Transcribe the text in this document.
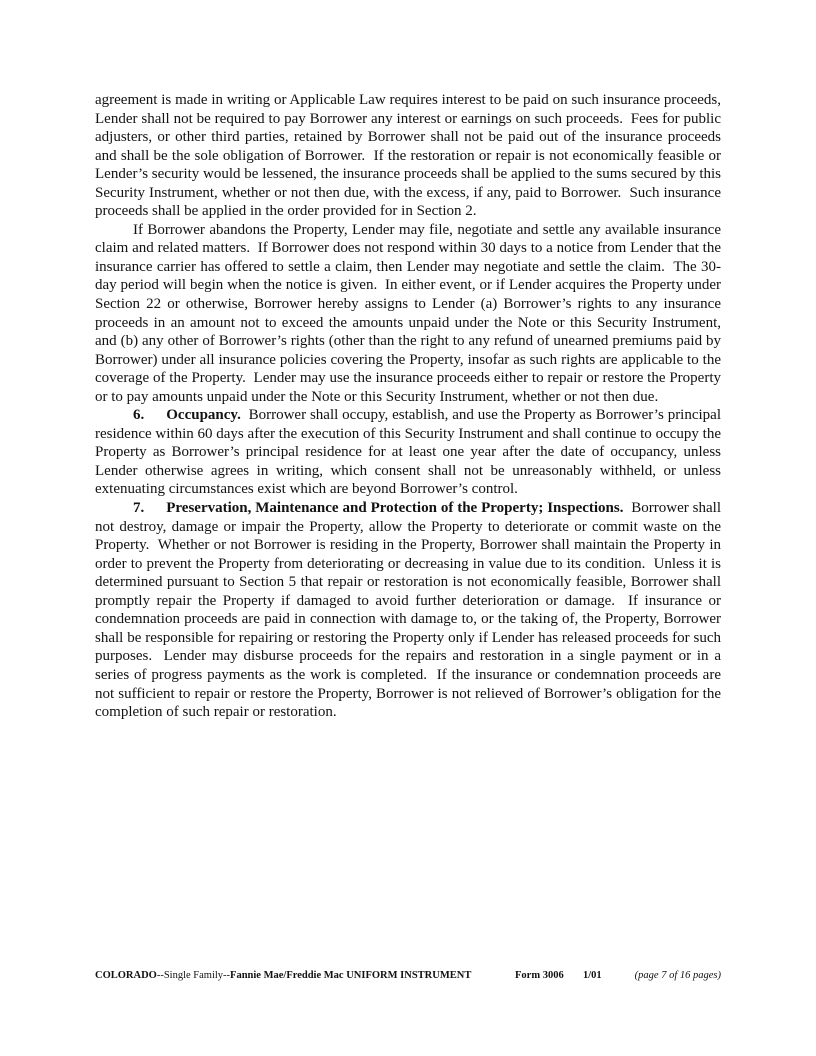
agreement is made in writing or Applicable Law requires interest to be paid on such insurance proceeds, Lender shall not be required to pay Borrower any interest or earnings on such proceeds.  Fees for public adjusters, or other third parties, retained by Borrower shall not be paid out of the insurance proceeds and shall be the sole obligation of Borrower.  If the restoration or repair is not economically feasible or Lender’s security would be lessened, the insurance proceeds shall be applied to the sums secured by this Security Instrument, whether or not then due, with the excess, if any, paid to Borrower.  Such insurance proceeds shall be applied in the order provided for in Section 2.

If Borrower abandons the Property, Lender may file, negotiate and settle any available insurance claim and related matters.  If Borrower does not respond within 30 days to a notice from Lender that the insurance carrier has offered to settle a claim, then Lender may negotiate and settle the claim.  The 30-day period will begin when the notice is given.  In either event, or if Lender acquires the Property under Section 22 or otherwise, Borrower hereby assigns to Lender (a) Borrower’s rights to any insurance proceeds in an amount not to exceed the amounts unpaid under the Note or this Security Instrument, and (b) any other of Borrower’s rights (other than the right to any refund of unearned premiums paid by Borrower) under all insurance policies covering the Property, insofar as such rights are applicable to the coverage of the Property.  Lender may use the insurance proceeds either to repair or restore the Property or to pay amounts unpaid under the Note or this Security Instrument, whether or not then due.

6. Occupancy. Borrower shall occupy, establish, and use the Property as Borrower’s principal residence within 60 days after the execution of this Security Instrument and shall continue to occupy the Property as Borrower’s principal residence for at least one year after the date of occupancy, unless Lender otherwise agrees in writing, which consent shall not be unreasonably withheld, or unless extenuating circumstances exist which are beyond Borrower’s control.

7. Preservation, Maintenance and Protection of the Property; Inspections. Borrower shall not destroy, damage or impair the Property, allow the Property to deteriorate or commit waste on the Property.  Whether or not Borrower is residing in the Property, Borrower shall maintain the Property in order to prevent the Property from deteriorating or decreasing in value due to its condition.  Unless it is determined pursuant to Section 5 that repair or restoration is not economically feasible, Borrower shall promptly repair the Property if damaged to avoid further deterioration or damage.  If insurance or condemnation proceeds are paid in connection with damage to, or the taking of, the Property, Borrower shall be responsible for repairing or restoring the Property only if Lender has released proceeds for such purposes.  Lender may disburse proceeds for the repairs and restoration in a single payment or in a series of progress payments as the work is completed.  If the insurance or condemnation proceeds are not sufficient to repair or restore the Property, Borrower is not relieved of Borrower’s obligation for the completion of such repair or restoration.

COLORADO--Single Family--Fannie Mae/Freddie Mac UNIFORM INSTRUMENT	Form 3006 1/01	(page 7 of 16 pages)
